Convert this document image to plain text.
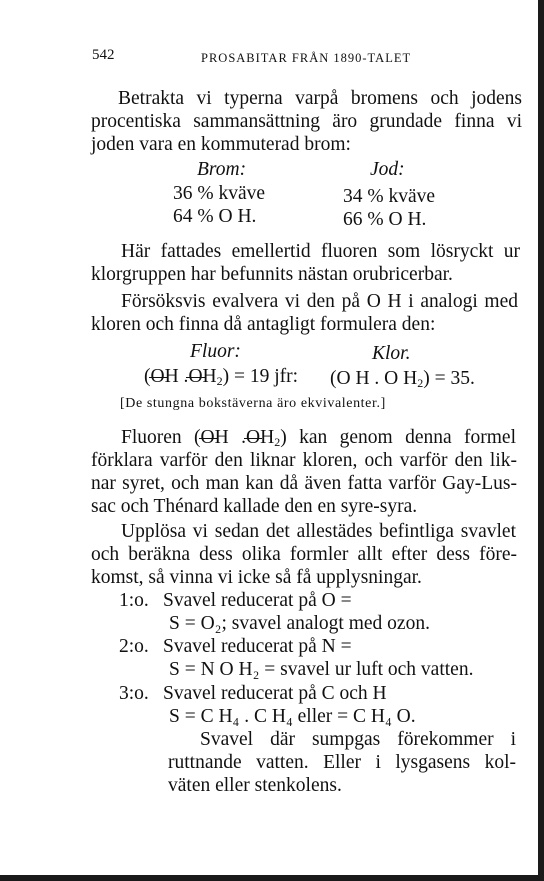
542	PROSABITAR FRÅN 1890-TALET
Betrakta vi typerna varpå bromens och jodens
procentiska sammansättning äro grundade finna vi
joden vara en kommuterad brom:
Brom:	Jod:
36 % kväve	34 % kväve
64 % O H.	66 % O H.
Här fattades emellertid fluoren som lösryckt ur
klorgruppen har befunnits nästan orubricerbar.
Försöksvis evalvera vi den på O H i analogi med
kloren och finna då antagligt formulera den:
Fluor:	Klor.
(OH $.OH_2) = 19$ jfr: (O H . O $H_2) = 35$.
[De stungna bokstäverna äro ekvivalenter.]
Fluoren (OH $.OH_2$) kan genom denna formel
förklara varför den liknar kloren, och varför den lik-
nar syret, och man kan då även fatta varför Gay-Lus-
sac och Thénard kallade den en syre-syra.
Upplösa vi sedan det allestädes befintliga svavlet
och beräkna dess olika formler allt efter dess före-
komst, så vinna vi icke så få upplysningar.
1:o. Svavel reducerat på O =
S = O₂; svavel analogt med ozon.
2:o. Svavel reducerat på N =
S = N O H₂ = svavel ur luft och vatten.
3:o. Svavel reducerat på C och H
S = C H₄ . C H₄ eller = C H₄ O.
Svavel där sumpgas förekommer i
ruttnande vatten. Eller i lysgasens kol-
väten eller stenkolens.
